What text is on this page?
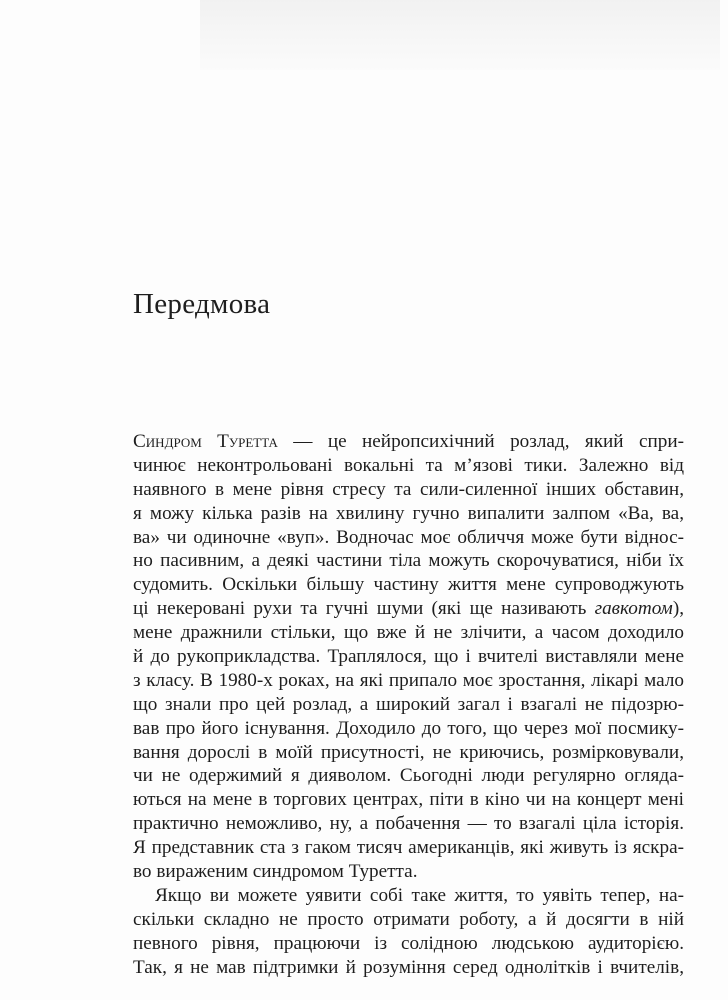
Передмова
Синдром Туретта — це нейропсихічний розлад, який спри-
чинює неконтрольовані вокальні та м’язові тики. Залежно від
наявного в мене рівня стресу та сили-силенної інших обставин,
я можу кілька разів на хвилину гучно випалити залпом «Ва, ва,
ва» чи одиночне «вуп». Водночас моє обличчя може бути віднос-
но пасивним, а деякі частини тіла можуть скорочуватися, ніби їх
судомить. Оскільки більшу частину життя мене супроводжують
ці некеровані рухи та гучні шуми (які ще називають гавкотом),
мене дражнили стільки, що вже й не злічити, а часом доходило
й до рукоприкладства. Траплялося, що і вчителі виставляли мене
з класу. В 1980-х роках, на які припало моє зростання, лікарі мало
що знали про цей розлад, а широкий загал і взагалі не підозрю-
вав про його існування. Доходило до того, що через мої посмику-
вання дорослі в моїй присутності, не криючись, розмірковували,
чи не одержимий я дияволом. Сьогодні люди регулярно огляда-
ються на мене в торгових центрах, піти в кіно чи на концерт мені
практично неможливо, ну, а побачення — то взагалі ціла історія.
Я представник ста з гаком тисяч американців, які живуть із яскра-
во вираженим синдромом Туретта.
Якщо ви можете уявити собі таке життя, то уявіть тепер, на-
скільки складно не просто отримати роботу, а й досягти в ній
певного рівня, працюючи із солідною людською аудиторією.
Так, я не мав підтримки й розуміння серед однолітків і вчителів,
